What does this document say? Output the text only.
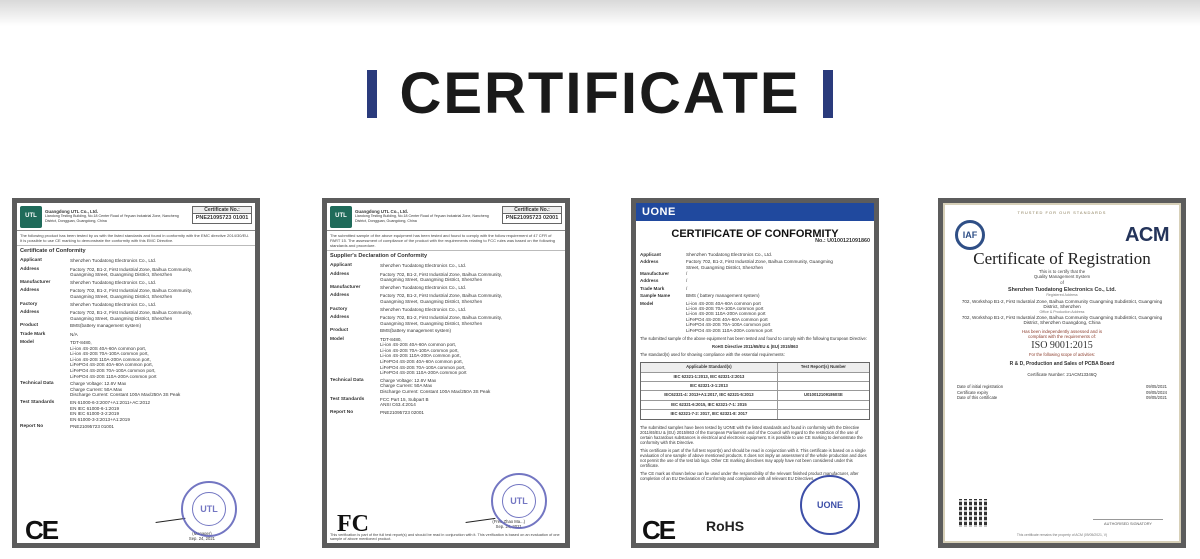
CERTIFICATE
UTL
Guangdong UTL Co., Ltd.
Liandong Testing Building, No.18 Center Road of Yeyuan Industrial Zone, Nancheng District, Dongguan, Guangdong, China
Certificate No.:
PNE21095723 01001
The following product has been tested by us with the listed standards and found in conformity with the EMC directive 2014/30/EU. It is possible to use CE marking to demonstrate the conformity with this EMC Directive.
Certificate of Conformity
Applicant	Shenzhen Tuodatong Electronics Co., Ltd.
Address	Factory 702, B1-2, First Industrial Zone, Baihua Community,
Guangming Street, Guangming District, Shenzhen
Manufacturer	Shenzhen Tuodatong Electronics Co., Ltd.
Address	Factory 702, B1-2, First Industrial Zone, Baihua Community,
Guangming Street, Guangming District, Shenzhen
Factory	Shenzhen Tuodatong Electronics Co., Ltd.
Address	Factory 702, B1-2, First Industrial Zone, Baihua Community,
Guangming Street, Guangming District, Shenzhen
Product	BMS(battery management system)
Trade Mark	N/A
Model	TDT-8480,
Li-ion 4S-20S 40A-60A common port,
Li-ion 4S-20S 70A-100A common port,
Li-ion 4S-20S 110A-200A common port,
LiFePO4 4S-20S 40A-60A common port,
LiFePO4 4S-20S 70A-100A common port,
LiFePO4 4S-20S 110A-200A common port
Technical Data	Charge Voltage: 12.6V Max
Charge Current: 50A Max
Discharge Current: Constant 100A Max/250A 3S Peak
Test Standards	EN 61000-6-3:2007+A1:2011+AC:2012
EN IEC 61000-6-1:2019
EN IEC 61000-3-2:2019
EN 61000-3-3:2013+A1:2019
Report No	PNE21095723 01001
CE	(Manager)
Sep. 24, 2021
UTL
UTL
Guangdong UTL Co., Ltd.
Liandong Testing Building, No.18 Center Road of Yeyuan Industrial Zone, Nancheng District, Dongguan, Guangdong, China
Certificate No.:
PNE21095723 02001
The submitted sample of the above equipment has been tested and found to comply with the follow requirement of 47 CFR of PART 15. The assessment of compliance of the product with the requirements relating to FCC rules was based on the following standards and procedure.
Supplier's Declaration of Conformity
Applicant	Shenzhen Tuodatong Electronics Co., Ltd.
Address	Factory 702, B1-2, First Industrial Zone, Baihua Community,
Guangming Street, Guangming District, Shenzhen
Manufacturer	Shenzhen Tuodatong Electronics Co., Ltd.
Address	Factory 702, B1-2, First Industrial Zone, Baihua Community,
Guangming Street, Guangming District, Shenzhen
Factory	Shenzhen Tuodatong Electronics Co., Ltd.
Address	Factory 702, B1-2, First Industrial Zone, Baihua Community,
Guangming Street, Guangming District, Shenzhen
Product	BMS(battery management system)
Model	TDT-8480,
Li-ion 4S-20S 40A-60A common port,
Li-ion 4S-20S 70A-100A common port,
Li-ion 4S-20S 110A-200A common port,
LiFePO4 4S-20S 40A-60A common port,
LiFePO4 4S-20S 70A-100A common port,
LiFePO4 4S-20S 110A-200A common port
Technical Data	Charge Voltage: 12.6V Max
Charge Current: 50A Max
Discharge Current: Constant 100A Max/250A 3S Peak
Test Standards	FCC Part 15, Subpart B
ANSI C63.4:2014
Report No	PNE21095723 02001
FC	(Free Zhao Ma...)
Sep. 24, 2021
UTL
This verification is part of the full test report(s) and should be read in conjunction with it. This verification is based on an evaluation of one sample of above mentioned product.
UONE
CERTIFICATE OF CONFORMITY
No.: U0100121091860
Applicant	Shenzhen Tuodatong Electronics Co., Ltd.
Address	Factory 702, B1-2, First Industrial Zone, Baihua Community, Guangming
Street, Guangming District, Shenzhen
Manufacturer	/
Address	/
Trade Mark	/
Sample Name	BMS ( battery management system)
Model	Li-ion 4S-20S 40A-60A common port
Li-ion 4S-20S 70A-100A common port
Li-ion 4S-20S 110A-200A common port
LiFePO4 4S-20S 40A-60A common port
LiFePO4 4S-20S 70A-100A common port
LiFePO4 4S-20S 110A-200A common port
The submitted sample of the above equipment has been tested and found to comply with the following European Directive:
RoHS Directive 2011/65/EU & (EU) 2015/863
The standard(s) used for showing compliance with the essential requirements:
Applicable Standard(s)	Test Report(s) Number
IEC 62321-1:2013, IEC 62321-2:2013
IEC 62321-3-1:2013
IEC62321-4: 2013+A1:2017, IEC 62321-5:2013	U0100121091860SE
IEC 62321-6:2015, IEC 62321-7-1: 2015
IEC 62321-7-2: 2017, IEC 62321-8: 2017
The submitted samples have been tested by UONE with the listed standards and found in conformity with the Directive 2011/65/EU & (EU) 2015/863 of the European Parliament and of the Council with regard to the restriction of the use of certain hazardous substances in electrical and electronic equipment. It is possible to use CE marking to demonstrate the conformity with this Directive.
This certificate is part of the full test report(s) and should be read in conjunction with it. This certificate is based on a single evaluation of one sample of above mentioned products. It does not imply an assessment of the whole production and does not permit the use of the test lab logo. Other CE marking directives may apply have not been considered under this certificate.
The CE mark as shown below can be used under the responsibility of the relevant finished product manufacturer, after completion of an EU Declaration of Conformity and compliance with all relevant EU Directives.
CE RoHS
UONE
TRUSTED FOR OUR STANDARDS
IAF	ACM
Certificate of Registration
This is to certify that the
Quality Management System
of
Shenzhen Tuodatong Electronics Co., Ltd.
Registered Address
702, Workshop B1-2, First Industrial Zone, Baihua Community Guangming Subdistrict, Guangming District, Shenzhen
Office & Production Address
702, Workshop B1-2, First Industrial Zone, Baihua Community Guangming Subdistrict, Guangming District, Shenzhen Guangdong, China
Has been independently assessed and is
compliant with the requirements of:
ISO 9001:2015
For the following scope of activities:
R & D, Production and Sales of PCBA Board
Certificate Number: 21ACM13346Q
Date of initial registration	09/05/2021
Certificate expiry	09/05/2024
Date of this certificate	09/05/2021
AUTHORISED SIGNATORY
This certificate remains the property of ACM (09/05/2021, V)
